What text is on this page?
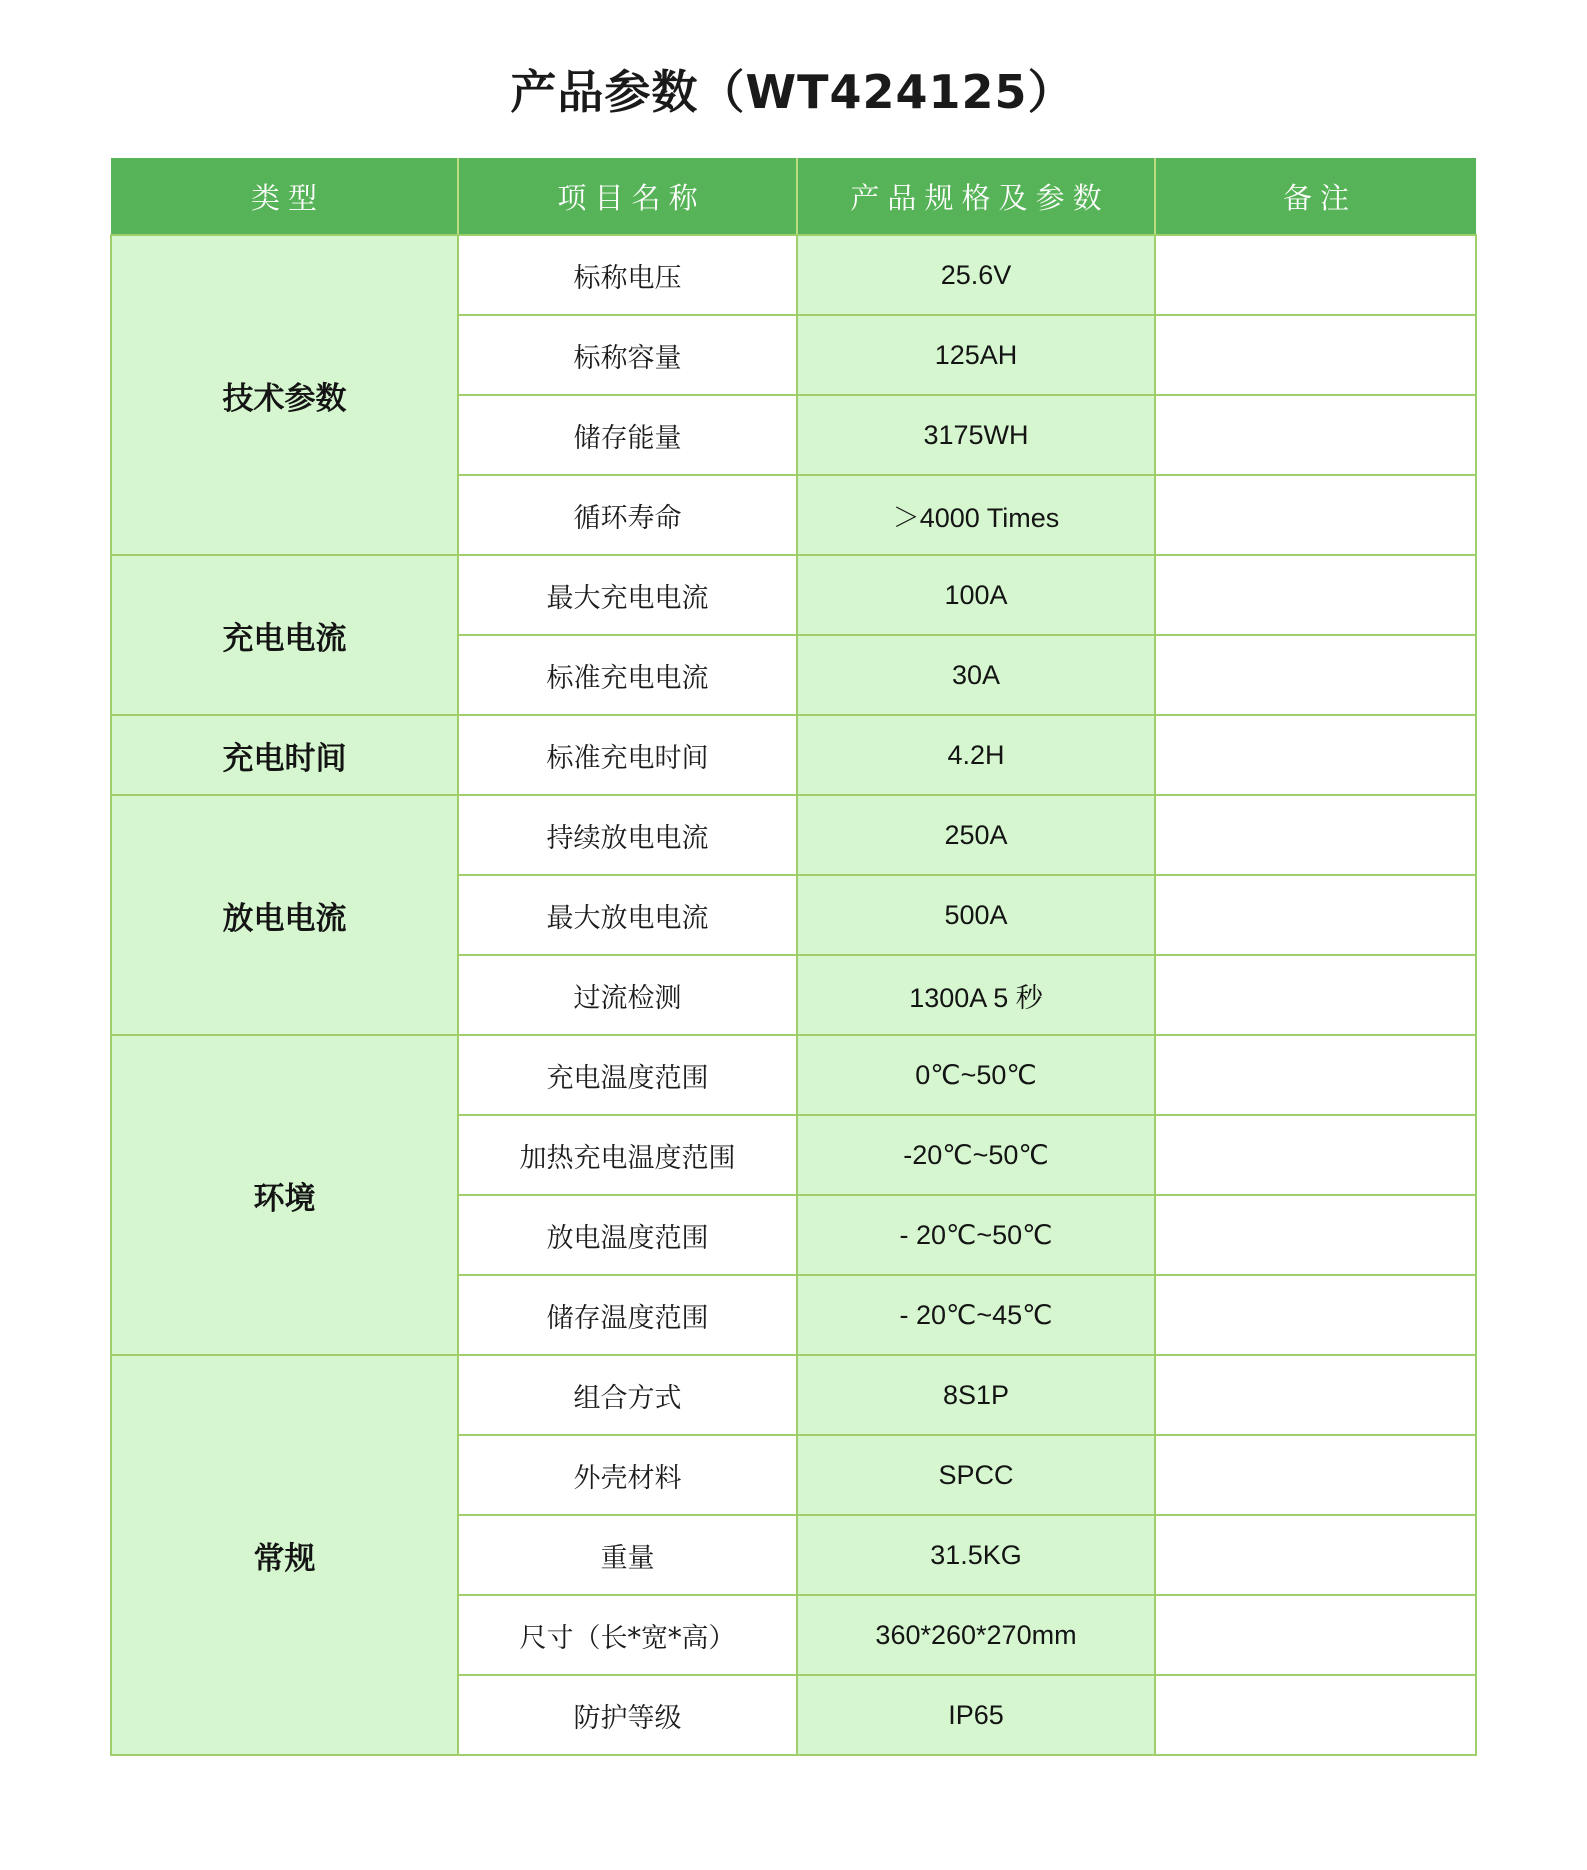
产品参数（WT424125）
类 型	项 目 名 称	产 品 规 格 及 参 数	备 注
技术参数	标称电压	25.6V	
	标称容量	125AH	
	储存能量	3175WH	
	循环寿命	＞4000 Times	
充电电流	最大充电电流	100A	
	标准充电电流	30A	
充电时间	标准充电时间	4.2H	
放电电流	持续放电电流	250A	
	最大放电电流	500A	
	过流检测	1300A 5 秒	
环境	充电温度范围	0℃~50℃	
	加热充电温度范围	-20℃~50℃	
	放电温度范围	- 20℃~50℃	
	储存温度范围	- 20℃~45℃	
常规	组合方式	8S1P	
	外壳材料	SPCC	
	重量	31.5KG	
	尺寸（长*宽*高）	360*260*270mm	
	防护等级	IP65	
